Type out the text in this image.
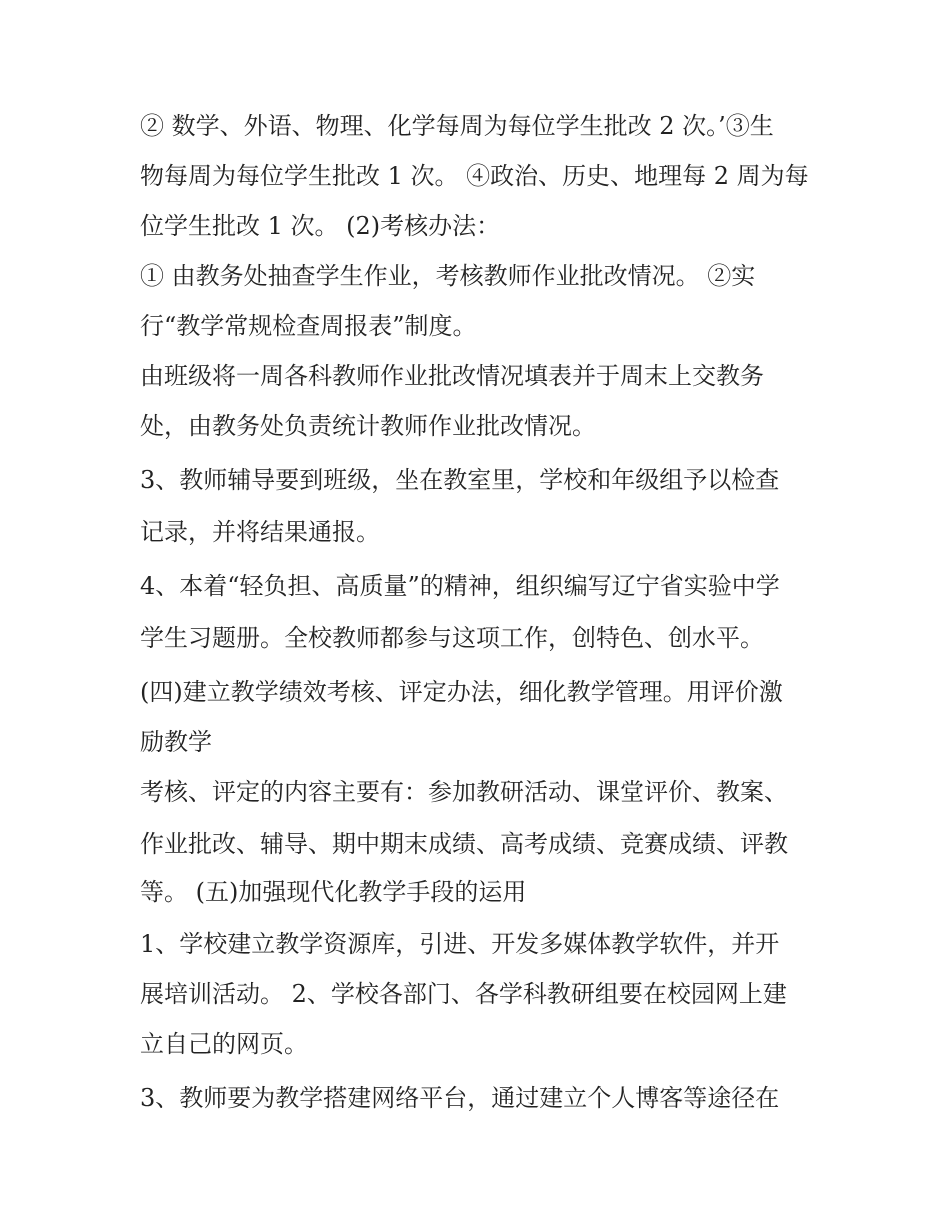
② 数学、外语、物理、化学每周为每位学生批改 2 次。’③生
物每周为每位学生批改 1 次。 ④政治、历史、地理每 2 周为每
位学生批改 1 次。 (2)考核办法：
① 由教务处抽查学生作业，考核教师作业批改情况。 ②实
行“教学常规检查周报表”制度。
由班级将一周各科教师作业批改情况填表并于周末上交教务
处，由教务处负责统计教师作业批改情况。
3、教师辅导要到班级，坐在教室里，学校和年级组予以检查
记录，并将结果通报。
4、本着“轻负担、高质量”的精神，组织编写辽宁省实验中学
学生习题册。全校教师都参与这项工作，创特色、创水平。
(四)建立教学绩效考核、评定办法，细化教学管理。用评价激
励教学
考核、评定的内容主要有：参加教研活动、课堂评价、教案、
作业批改、辅导、期中期末成绩、高考成绩、竞赛成绩、评教
等。 (五)加强现代化教学手段的运用
1、学校建立教学资源库，引进、开发多媒体教学软件，并开
展培训活动。 2、学校各部门、各学科教研组要在校园网上建
立自己的网页。
3、教师要为教学搭建网络平台，通过建立个人博客等途径在
